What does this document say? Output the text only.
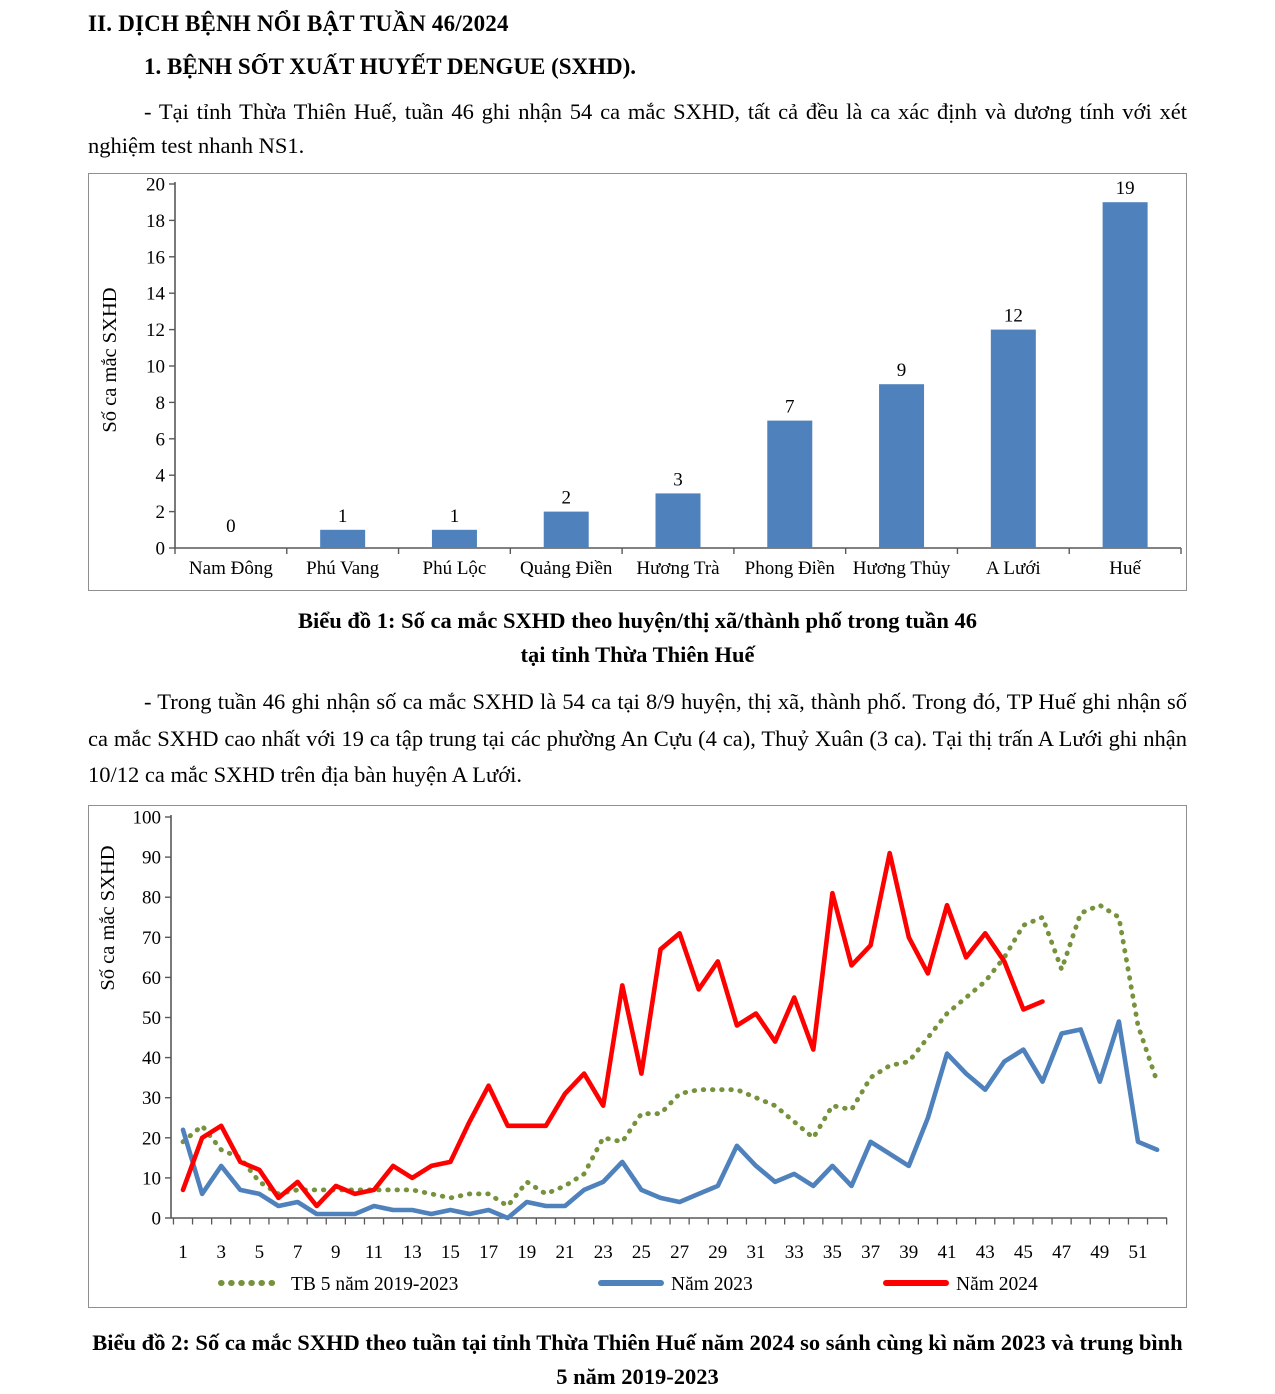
II. DỊCH BỆNH NỔI BẬT TUẦN 46/2024
1. BỆNH SỐT XUẤT HUYẾT DENGUE (SXHD).

- Tại tỉnh Thừa Thiên Huế, tuần 46 ghi nhận 54 ca mắc SXHD, tất cả đều là ca xác định và dương tính với xét nghiệm test nhanh NS1.

0
2
4
6
8
10
12
14
16
18
20
0
Nam Đông
1
Phú Vang
1
Phú Lộc
2
Quảng Điền
3
Hương Trà
7
Phong Điền
9
Hương Thủy
12
A Lưới
19
Huế
Số ca mắc SXHD
Biểu đồ 1: Số ca mắc SXHD theo huyện/thị xã/thành phố trong tuần 46
tại tỉnh Thừa Thiên Huế

- Trong tuần 46 ghi nhận số ca mắc SXHD là 54 ca tại 8/9 huyện, thị xã, thành phố. Trong đó, TP Huế ghi nhận số ca mắc SXHD cao nhất với 19 ca tập trung tại các phường An Cựu (4 ca), Thuỷ Xuân (3 ca). Tại thị trấn A Lưới ghi nhận 10/12 ca mắc SXHD trên địa bàn huyện A Lưới.

0
10
20
30
40
50
60
70
80
90
100
1 3 5 7 9 11 13 15 17 19 21 23 25 27 29 31 33 35 37 39 41 43 45 47 49 51
Số ca mắc SXHD
TB 5 năm 2019-2023	Năm 2023	Năm 2024
Biểu đồ 2: Số ca mắc SXHD theo tuần tại tỉnh Thừa Thiên Huế năm 2024 so sánh cùng kì năm 2023 và trung bình 5 năm 2019-2023
